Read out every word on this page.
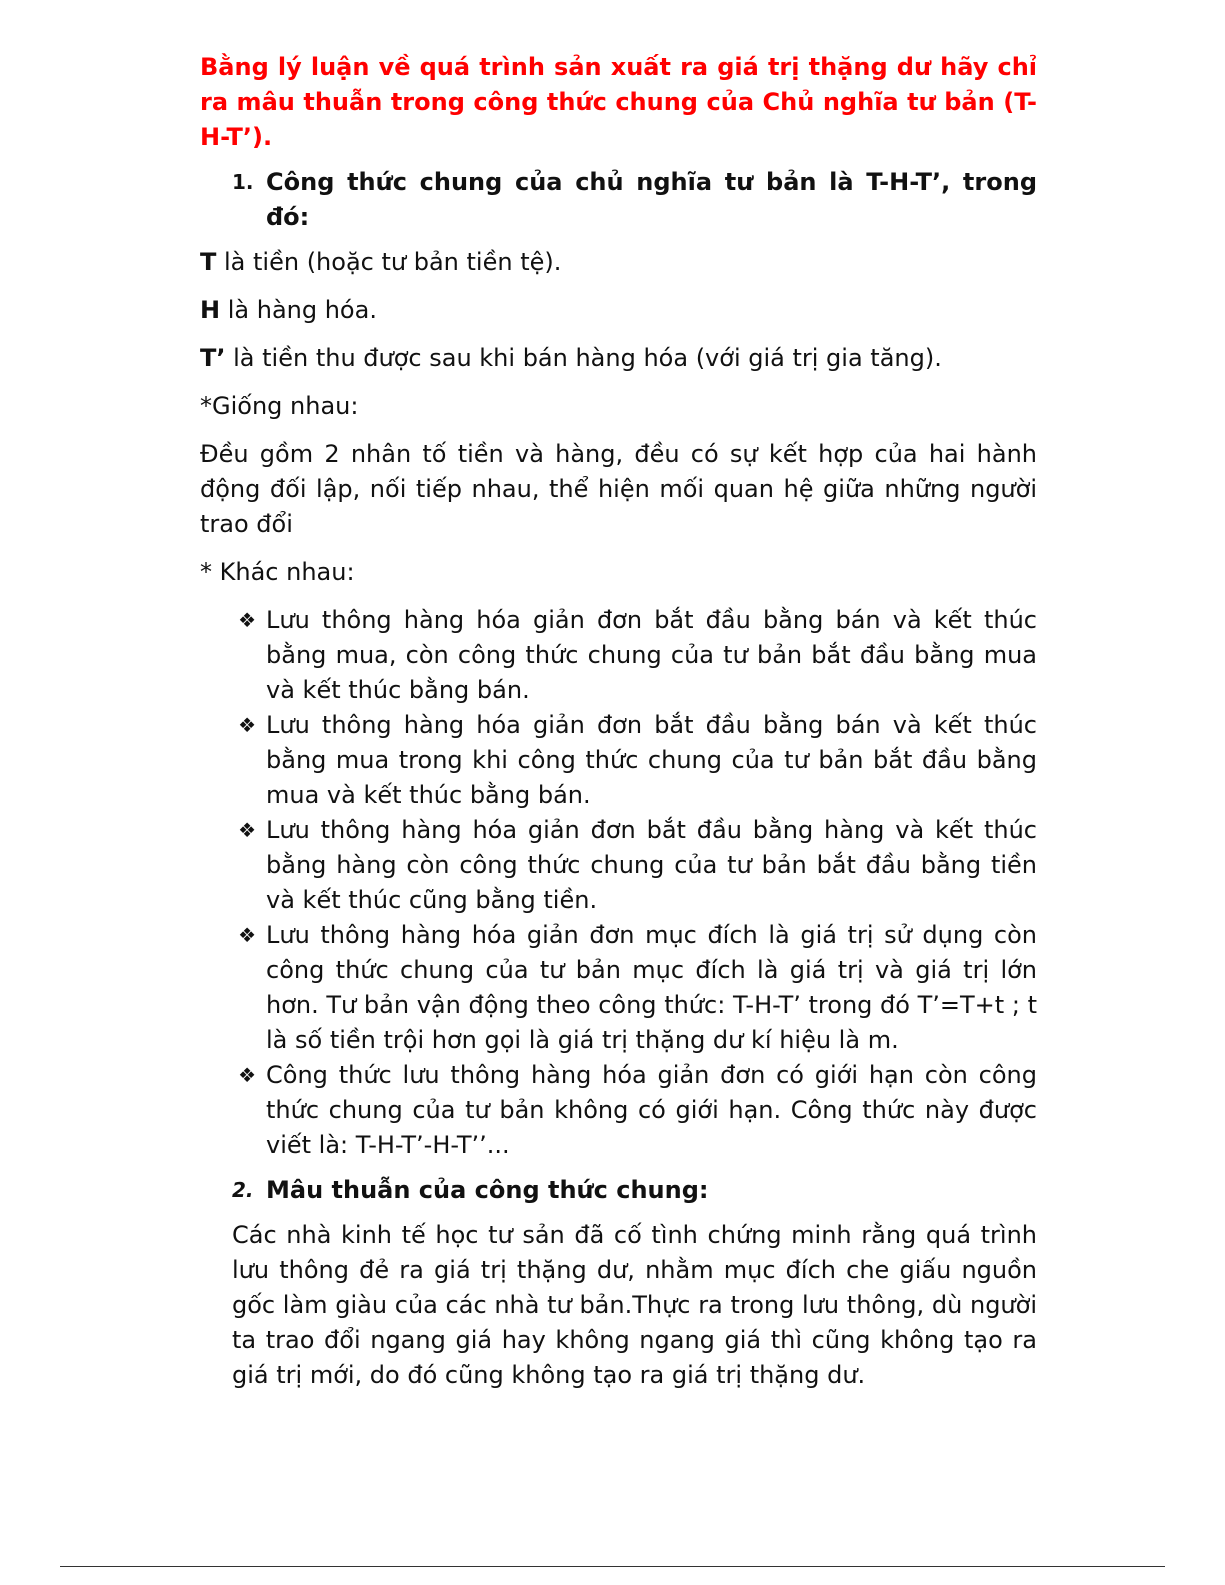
Bằng lý luận về quá trình sản xuất ra giá trị thặng dư hãy chỉ ra mâu thuẫn trong công thức chung của Chủ nghĩa tư bản (T-H-T’).

1. Công thức chung của chủ nghĩa tư bản là T-H-T’, trong đó:

T là tiền (hoặc tư bản tiền tệ).

H là hàng hóa.

T’ là tiền thu được sau khi bán hàng hóa (với giá trị gia tăng).

*Giống nhau:

Đều gồm 2 nhân tố tiền và hàng, đều có sự kết hợp của hai hành động đối lập, nối tiếp nhau, thể hiện mối quan hệ giữa những người trao đổi

* Khác nhau:

❖ Lưu thông hàng hóa giản đơn bắt đầu bằng bán và kết thúc bằng mua, còn công thức chung của tư bản bắt đầu bằng mua và kết thúc bằng bán.
❖ Lưu thông hàng hóa giản đơn bắt đầu bằng bán và kết thúc bằng mua trong khi công thức chung của tư bản bắt đầu bằng mua và kết thúc bằng bán.
❖ Lưu thông hàng hóa giản đơn bắt đầu bằng hàng và kết thúc bằng hàng còn công thức chung của tư bản bắt đầu bằng tiền và kết thúc cũng bằng tiền.
❖ Lưu thông hàng hóa giản đơn mục đích là giá trị sử dụng còn công thức chung của tư bản mục đích là giá trị và giá trị lớn hơn. Tư bản vận động theo công thức: T-H-T’ trong đó T’=T+t ; t là số tiền trội hơn gọi là giá trị thặng dư kí hiệu là m.
❖ Công thức lưu thông hàng hóa giản đơn có giới hạn còn công thức chung của tư bản không có giới hạn. Công thức này được viết là: T-H-T’-H-T’’...
2. Mâu thuẫn của công thức chung:

Các nhà kinh tế học tư sản đã cố tình chứng minh rằng quá trình lưu thông đẻ ra giá trị thặng dư, nhằm mục đích che giấu nguồn gốc làm giàu của các nhà tư bản.Thực ra trong lưu thông, dù người ta trao đổi ngang giá hay không ngang giá thì cũng không tạo ra giá trị mới, do đó cũng không tạo ra giá trị thặng dư.
